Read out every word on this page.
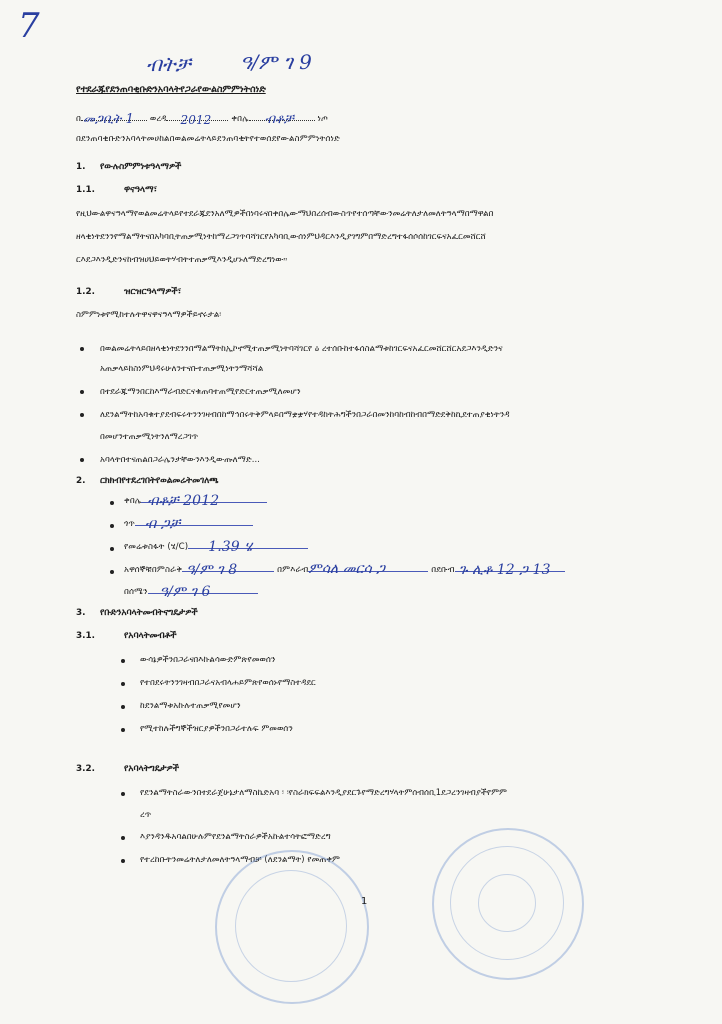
7
ብትቻ ዓ/ም ገ 9
የተደራጁየደንጠባቂቡድንአባላትየጋራየውልስምምነትሰነድ
በ መጋቢት 1 ወረዳ 2012 ቀበሌ ብቶቻ	ነጦ
በደንጠባቂቡድንአባላትመሀከልበወልመሬትላይደንጠባቂትየተወሰደየውልስምምነትሰነድ
1. የውሉስምምነቱዓላማዎች
1.1.	ዋናዓላማ፣
የዚህውልዋናዓላማየወልመሬትላይየተደራጁደንአለሚዎችበነባሩናበቀበሌውማህበረሰብውስጥየተሰጣቸውንመሬትለታለመለትዓላማበማዋልበ
ዘላቂነትደንንየማልማትናበአካባቢትጠቃሚነትከማረጋገጥባሻገርየአካባቢውሰነምህዳርእንዲያገግምበማድረግተፋሰሶሰከገርፍናአፈርመሸርሸ
ርእደጋእንዲድንናከብዝሀህይወትሃብትተጠቃሚእንዲሆኑለማድረግነው።
1.2.	ዝርዝርዓላማዎች፣
ስምምነቱየሚከተሉትዋናዋናዓላማዎችይኖሩታል፡
በወልመሬትላይበዘላቂነትደንንበማልማትከኢኮኖሚተጠቃሚነትባሻገርየ ዕ ረተሰቡከተፋሰስልማቱከገርፍናአፈርመሸርሸርአደጋእንዲድንና
አጠቃላይከስነምህዳሩሁለንተናቡተጠቃሚነትንማሻሻል
በተደራጁማንበርከእማራብድርናቁጠባተጠሚየድርተጠቃሚለመሆን
ለደንልማትከአባቁተያደብፍሩትንንገዛብበከማኅበሩትቅምላይበማቋቋሃየተዳከትሕግችንበጋራበመንከባከብከብበማድደቅከኪደተጠያቂነትንዳ
በመሆንተጠቃሚነትንለማረጋገጥ
አባላትበተናጠልበጋራሌንታቸውንእንዲውጡለማድ...
2. ርክክብየተደረገበትየወልመሬትመገለጫ
ቀበሌ ብቶቻ 2012
ጎጥ ብ ጋቻ
የመሬቱስፋት (ሄ/C) 1.39 ሄ
አዋሰኞቹበምስራቅ ዓ/ም ገ 8	በምእራብ ምሳለ መርሳ ጋ	በደቡብ ጉ ሊቶ 12 ጋ 13
በሰሜን ዓ/ም ገ 6
3. የቡድንአባላትመብትናግዴታዎች
3.1.	የአባላትመብቶች
ውሳኔዎችንበጋራናበእኩልሳውድምጽየመወሰን
የተበደሩትንንገዛብበጋራናአብላሐይምጽየወሰኑየማስተዳደር
ከደንልማቱአኩሉተጠቃሚየመሆን
የሚተከሉችግኞችዝርያዎችንበጋራተሉፍ ምመወሰን
3.2.	የአባላትግዴታዎች
የደንልማትስራውንበተደራጀሁኔታለማስኬድአባ ፡ ፡የስራክፍፍልእንዲያደርጉየማድረግሃላትምሰብሰቢ1ደጋረንገዛብያችየምም
ረጥ
እያንዳንዱአባልበሁሉምየደንልማትስራዎችአኩልተሳትፎማድረግ
የተረከቡትንመሬትለታለመለትዓላማብቻ (ለደንልማት) የመጠቀም
1
